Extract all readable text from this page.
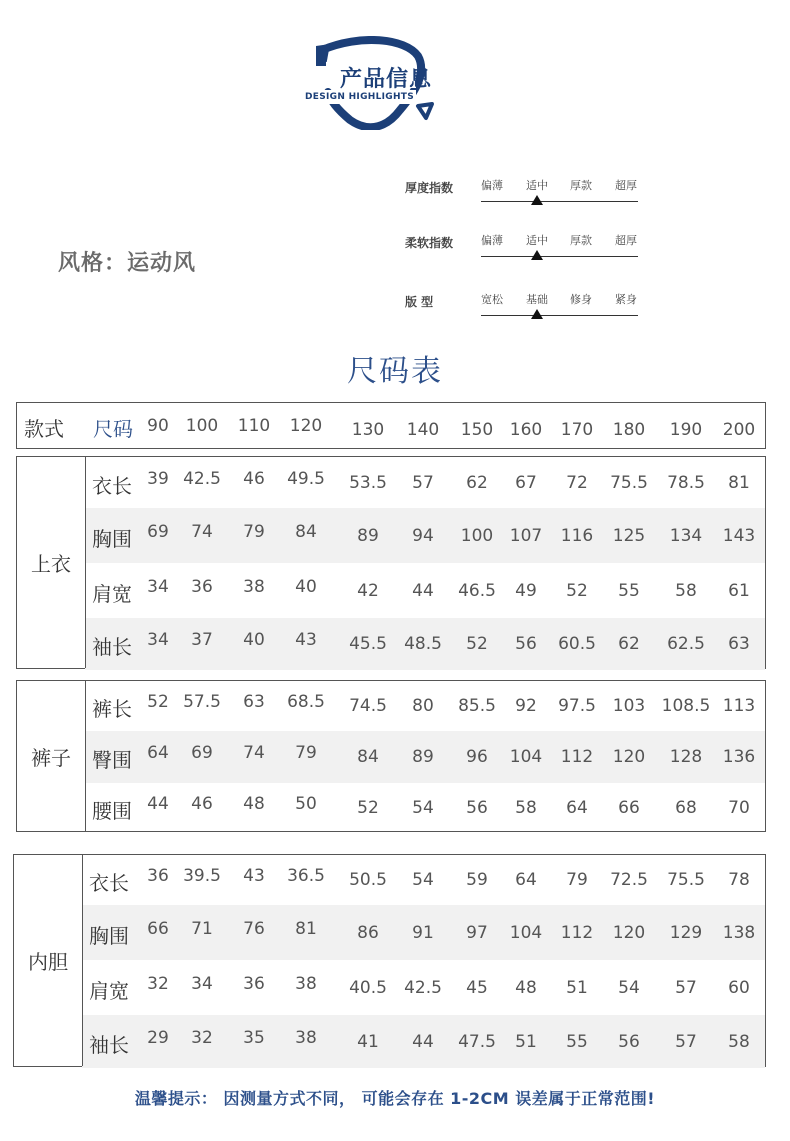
产品信息
DESIGN HIGHLIGHTS
风格：运动风
厚度指数	偏薄 适中 厚款 超厚
柔软指数	偏薄 适中 厚款 超厚
版 型	宽松 基础 修身 紧身
尺码表
款式 尺码 90 100	110	120	130	140	150 160	170	180	190	200
衣长 39 42.5	46	49.5	53.5	57	62	67	72	75.5	78.5	81
胸围 69	74	79	84	89	94	100 107	116	125	134	143
肩宽 34	36	38	40	42	44	46.5	49	52	55	58	61
袖长 34	37	40	43	45.5	48.5	52	56	60.5	62	62.5	63
上衣
裤长 52 57.5	63	68.5	74.5	80	85.5	92	97.5 103 108.5 113
臀围 64	69	74	79	84	89	96	104	112	120	128	136
腰围 44	46	48	50	52	54	56	58	64	66	68	70
裤子
衣长	36 39.5	43	36.5	50.5	54	59	64	79	72.5	75.5	78
胸围	66	71	76	81	86	91	97	104	112	120	129	138
肩宽	32	34	36	38	40.5	42.5	45	48	51	54	57	60
袖长	29	32	35	38	41	44	47.5	51	55	56	57	58
内胆
温馨提示： 因测量方式不同， 可能会存在 1-2CM 误差属于正常范围!
